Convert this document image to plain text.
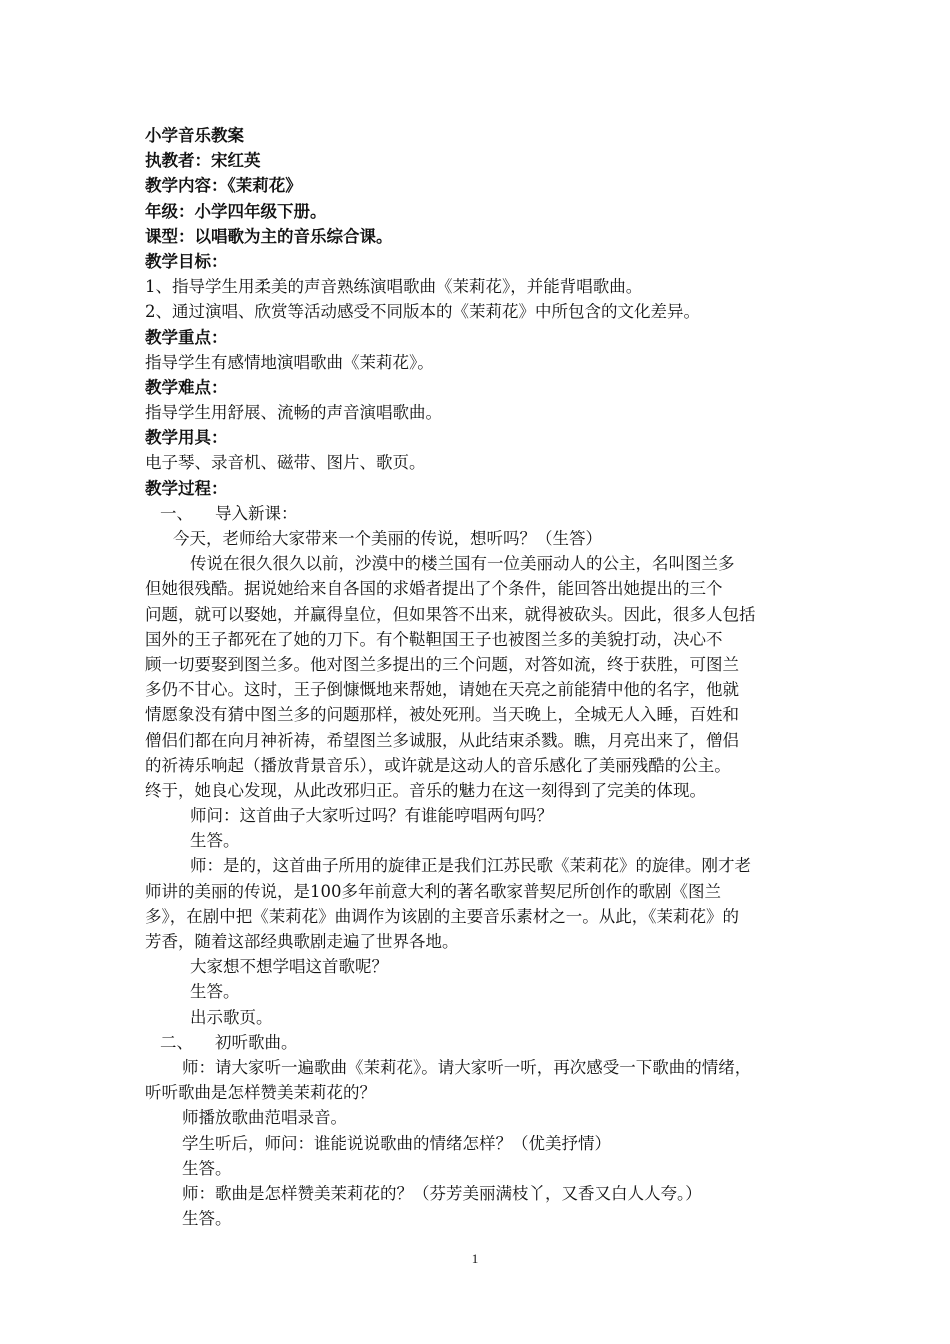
小学音乐教案
执教者：宋红英
教学内容：《茉莉花》
年级：小学四年级下册。
课型：以唱歌为主的音乐综合课。
教学目标：
1、指导学生用柔美的声音熟练演唱歌曲《茉莉花》，并能背唱歌曲。
2、通过演唱、欣赏等活动感受不同版本的《茉莉花》中所包含的文化差异。
教学重点：
指导学生有感情地演唱歌曲《茉莉花》。
教学难点：
指导学生用舒展、流畅的声音演唱歌曲。
教学用具：
电子琴、录音机、磁带、图片、歌页。
教学过程：
一、 导入新课：
今天，老师给大家带来一个美丽的传说，想听吗？（生答）
传说在很久很久以前，沙漠中的楼兰国有一位美丽动人的公主，名叫图兰多
但她很残酷。据说她给来自各国的求婚者提出了个条件，能回答出她提出的三个
问题，就可以娶她，并赢得皇位，但如果答不出来，就得被砍头。因此，很多人包括
国外的王子都死在了她的刀下。有个鞑靼国王子也被图兰多的美貌打动，决心不
顾一切要娶到图兰多。他对图兰多提出的三个问题，对答如流，终于获胜，可图兰
多仍不甘心。这时，王子倒慷慨地来帮她，请她在天亮之前能猜中他的名字，他就
情愿象没有猜中图兰多的问题那样，被处死刑。当天晚上，全城无人入睡，百姓和
僧侣们都在向月神祈祷，希望图兰多诚服，从此结束杀戮。瞧，月亮出来了，僧侣
的祈祷乐响起（播放背景音乐），或许就是这动人的音乐感化了美丽残酷的公主。
终于，她良心发现，从此改邪归正。音乐的魅力在这一刻得到了完美的体现。
师问：这首曲子大家听过吗？有谁能哼唱两句吗？
生答。
师：是的，这首曲子所用的旋律正是我们江苏民歌《茉莉花》的旋律。刚才老
师讲的美丽的传说，是100多年前意大利的著名歌家普契尼所创作的歌剧《图兰
多》，在剧中把《茉莉花》曲调作为该剧的主要音乐素材之一。从此，《茉莉花》的
芳香，随着这部经典歌剧走遍了世界各地。
大家想不想学唱这首歌呢？
生答。
出示歌页。
二、 初听歌曲。
师：请大家听一遍歌曲《茉莉花》。请大家听一听，再次感受一下歌曲的情绪，
听听歌曲是怎样赞美茉莉花的？
师播放歌曲范唱录音。
学生听后，师问：谁能说说歌曲的情绪怎样？（优美抒情）
生答。
师：歌曲是怎样赞美茉莉花的？（芬芳美丽满枝丫，又香又白人人夸。）
生答。
1
